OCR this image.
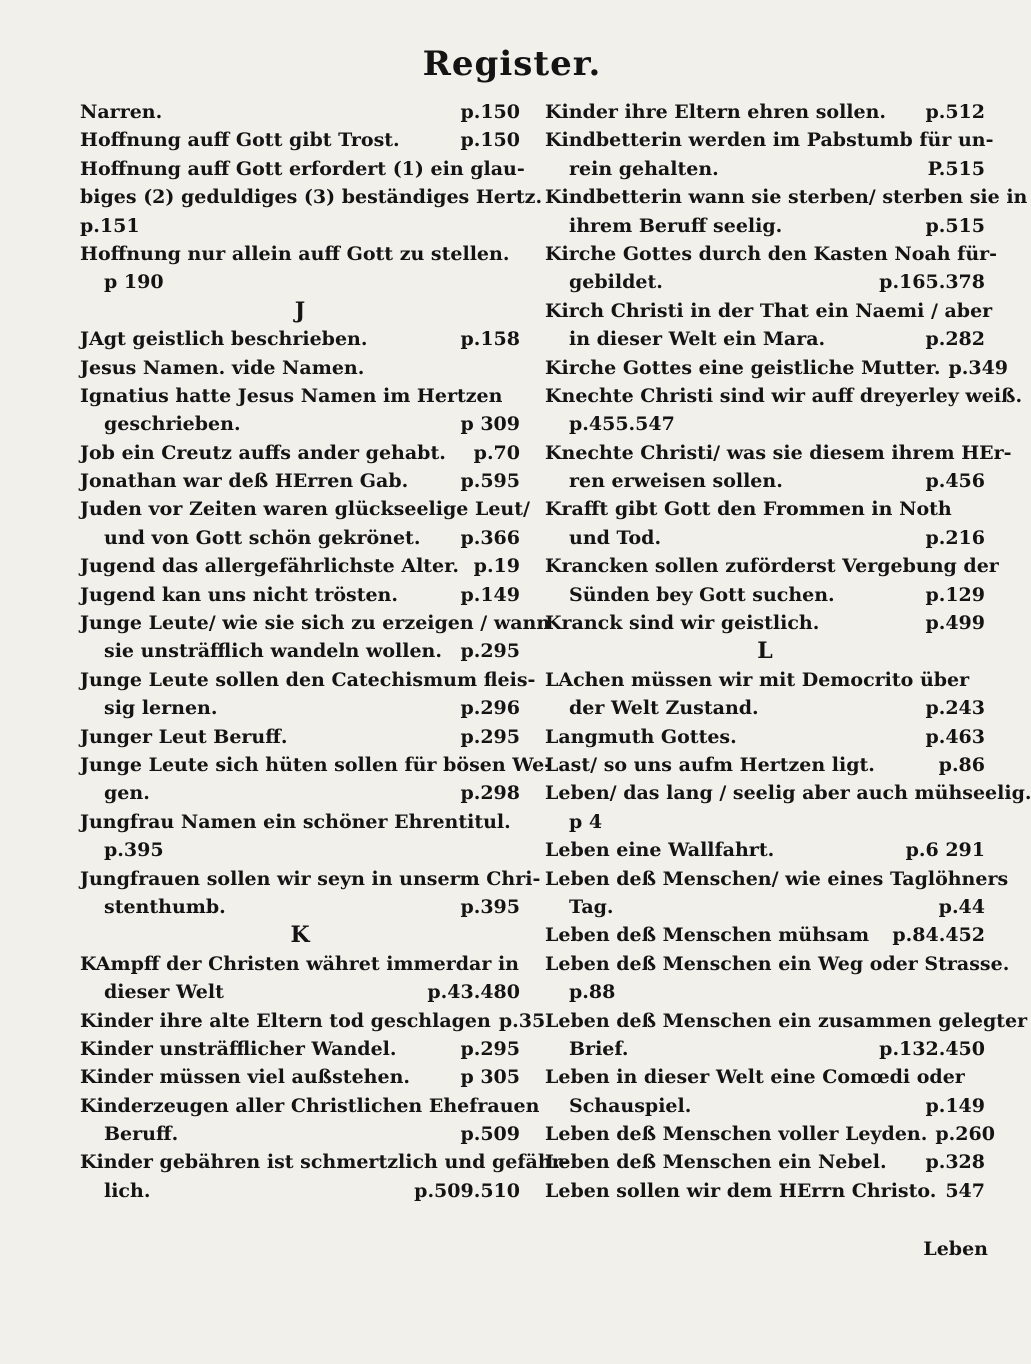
Register.
Narren.	p.150
Hoffnung auff Gott gibt Trost.	p.150
Hoffnung auff Gott erfordert (1) ein glau-
biges (2) geduldiges (3) beständiges Hertz.
p.151
Hoffnung nur allein auff Gott zu stellen.
p 190
J
JAgt geistlich beschrieben.	p.158
Jesus Namen. vide Namen.
Ignatius hatte Jesus Namen im Hertzen
geschrieben.	p 309
Job ein Creutz auffs ander gehabt.	p.70
Jonathan war deß HErren Gab.	p.595
Juden vor Zeiten waren glückseelige Leut/
und von Gott schön gekrönet.	p.366
Jugend das allergefährlichste Alter. p.19
Jugend kan uns nicht trösten.	p.149
Junge Leute/ wie sie sich zu erzeigen / wann
sie unsträfflich wandeln wollen. p.295
Junge Leute sollen den Catechismum fleis-
sig lernen.	p.296
Junger Leut Beruff.	p.295
Junge Leute sich hüten sollen für bösen We-
gen.	p.298
Jungfrau Namen ein schöner Ehrentitul.
p.395
Jungfrauen sollen wir seyn in unserm Chri-
stenthumb.	p.395
K
KAmpff der Christen währet immerdar in
dieser Welt	p.43.480
Kinder ihre alte Eltern tod geschlagen p.35
Kinder unsträfflicher Wandel.	p.295
Kinder müssen viel außstehen.	p 305
Kinderzeugen aller Christlichen Ehefrauen
Beruff.	p.509
Kinder gebähren ist schmertzlich und gefähr-
lich.	p.509.510
Kinder ihre Eltern ehren sollen.	p.512
Kindbetterin werden im Pabstumb für un-
rein gehalten.	P.515
Kindbetterin wann sie sterben/ sterben sie in
ihrem Beruff seelig.	p.515
Kirche Gottes durch den Kasten Noah für-
gebildet.	p.165.378
Kirch Christi in der That ein Naemi / aber
in dieser Welt ein Mara.	p.282
Kirche Gottes eine geistliche Mutter. p.349
Knechte Christi sind wir auff dreyerley weiß.
p.455.547
Knechte Christi/ was sie diesem ihrem HEr-
ren erweisen sollen.	p.456
Krafft gibt Gott den Frommen in Noth
und Tod.	p.216
Krancken sollen zuförderst Vergebung der
Sünden bey Gott suchen.	p.129
Kranck sind wir geistlich.	p.499
L
LAchen müssen wir mit Democrito über
der Welt Zustand.	p.243
Langmuth Gottes.	p.463
Last/ so uns aufm Hertzen ligt.	p.86
Leben/ das lang / seelig aber auch mühseelig.
p 4
Leben eine Wallfahrt.	p.6 291
Leben deß Menschen/ wie eines Taglöhners
Tag.	p.44
Leben deß Menschen mühsam	p.84.452
Leben deß Menschen ein Weg oder Strasse.
p.88
Leben deß Menschen ein zusammen gelegter
Brief.	p.132.450
Leben in dieser Welt eine Comœdi oder
Schauspiel.	p.149
Leben deß Menschen voller Leyden. p.260
Leben deß Menschen ein Nebel.	p.328
Leben sollen wir dem HErrn Christo. 547
Leben
